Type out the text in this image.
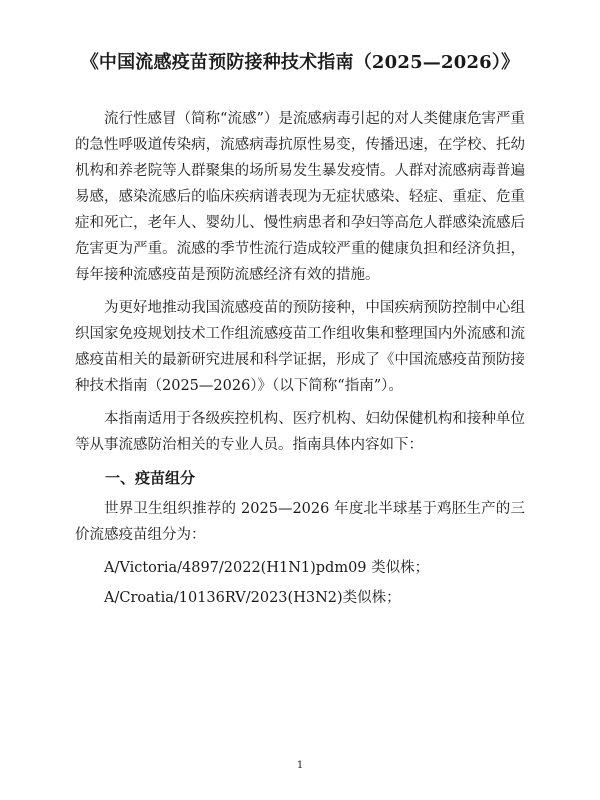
《中国流感疫苗预防接种技术指南（2025—2026）》

流行性感冒（简称“流感”）是流感病毒引起的对人类健康危害严重的急性呼吸道传染病，流感病毒抗原性易变，传播迅速，在学校、托幼机构和养老院等人群聚集的场所易发生暴发疫情。人群对流感病毒普遍易感，感染流感后的临床疾病谱表现为无症状感染、轻症、重症、危重症和死亡，老年人、婴幼儿、慢性病患者和孕妇等高危人群感染流感后危害更为严重。流感的季节性流行造成较严重的健康负担和经济负担，每年接种流感疫苗是预防流感经济有效的措施。

为更好地推动我国流感疫苗的预防接种，中国疾病预防控制中心组织国家免疫规划技术工作组流感疫苗工作组收集和整理国内外流感和流感疫苗相关的最新研究进展和科学证据，形成了《中国流感疫苗预防接种技术指南（2025—2026）》（以下简称“指南”）。

本指南适用于各级疾控机构、医疗机构、妇幼保健机构和接种单位等从事流感防治相关的专业人员。指南具体内容如下：

一、疫苗组分

世界卫生组织推荐的 2025—2026 年度北半球基于鸡胚生产的三价流感疫苗组分为：

A/Victoria/4897/2022(H1N1)pdm09 类似株；

A/Croatia/10136RV/2023(H3N2)类似株；

1
